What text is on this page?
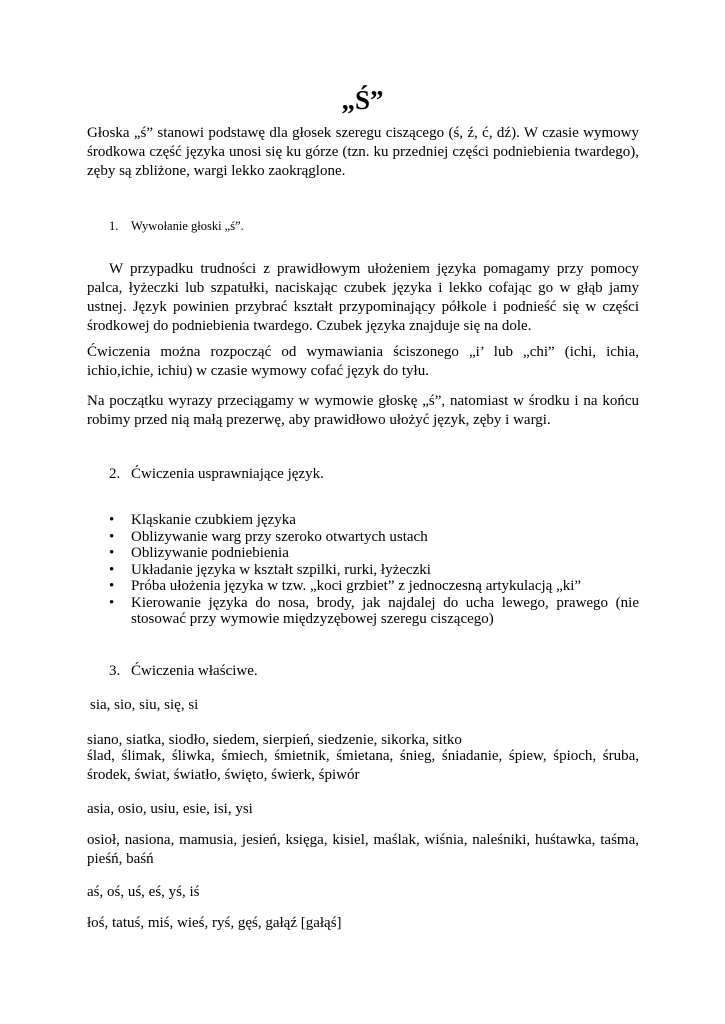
„Ś”

Głoska „ś” stanowi podstawę dla głosek szeregu ciszącego (ś, ź, ć, dź). W czasie wymowy środkowa część języka unosi się ku górze (tzn. ku przedniej części podniebienia twardego), zęby są zbliżone, wargi lekko zaokrąglone.

1. Wywołanie głoski „ś”.

W przypadku trudności z prawidłowym ułożeniem języka pomagamy przy pomocy palca, łyżeczki lub szpatułki, naciskając czubek języka i lekko cofając go w głąb jamy ustnej. Język powinien przybrać kształt przypominający półkole i podnieść się w części środkowej do podniebienia twardego. Czubek języka znajduje się na dole.

Ćwiczenia można rozpocząć od wymawiania ściszonego „i’ lub „chi” (ichi, ichia, ichio,ichie, ichiu) w czasie wymowy cofać język do tyłu.

Na początku wyrazy przeciągamy w wymowie głoskę „ś”, natomiast w środku i na końcu robimy przed nią małą prezerwę, aby prawidłowo ułożyć język, zęby i wargi.

2. Ćwiczenia usprawniające język.
• Kląskanie czubkiem języka
• Oblizywanie warg przy szeroko otwartych ustach
• Oblizywanie podniebienia
• Układanie języka w kształt szpilki, rurki, łyżeczki
• Próba ułożenia języka w tzw. „koci grzbiet” z jednoczesną artykulacją „ki”
• Kierowanie języka do nosa, brody, jak najdalej do ucha lewego, prawego (nie stosować przy wymowie międzyzębowej szeregu ciszącego)
3. Ćwiczenia właściwe.
sia, sio, siu, się, si
siano, siatka, siodło, siedem, sierpień, siedzenie, sikorka, sitko

ślad, ślimak, śliwka, śmiech, śmietnik, śmietana, śnieg, śniadanie, śpiew, śpioch, śruba, środek, świat, światło, święto, świerk, śpiwór

asia, osio, usiu, esie, isi, ysi

osioł, nasiona, mamusia, jesień, księga, kisiel, maślak, wiśnia, naleśniki, huśtawka, taśma, pieśń, baśń

aś, oś, uś, eś, yś, iś
łoś, tatuś, miś, wieś, ryś, gęś, gałąź [gałąś]
